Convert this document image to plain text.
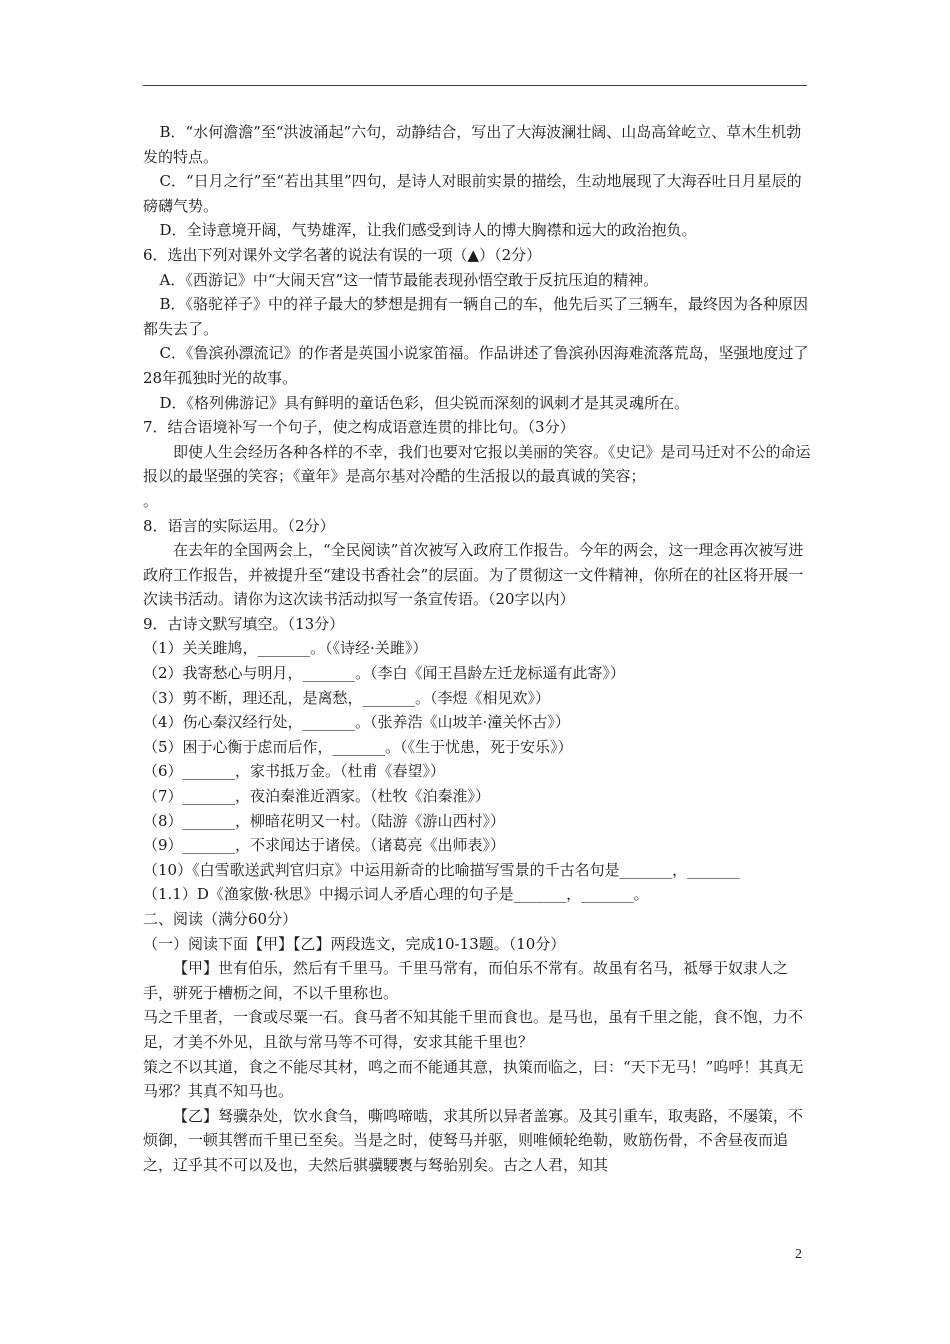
B．“水何澹澹”至“洪波涌起”六句，动静结合，写出了大海波澜壮阔、山岛高耸屹立、草木生机勃发的特点。

C．“日月之行”至“若出其里”四句，是诗人对眼前实景的描绘，生动地展现了大海吞吐日月星辰的磅礴气势。

D．全诗意境开阔，气势雄浑，让我们感受到诗人的博大胸襟和远大的政治抱负。

6．选出下列对课外文学名著的说法有误的一项（▲）（2分）

A．《西游记》中“大闹天宫”这一情节最能表现孙悟空敢于反抗压迫的精神。

B．《骆驼祥子》中的祥子最大的梦想是拥有一辆自己的车，他先后买了三辆车，最终因为各种原因都失去了。

C．《鲁滨孙漂流记》的作者是英国小说家笛福。作品讲述了鲁滨孙因海难流落荒岛，坚强地度过了28年孤独时光的故事。

D．《格列佛游记》具有鲜明的童话色彩，但尖锐而深刻的讽刺才是其灵魂所在。

7．结合语境补写一个句子，使之构成语意连贯的排比句。（3分）

即使人生会经历各种各样的不幸，我们也要对它报以美丽的笑容。《史记》是司马迁对不公的命运报以的最坚强的笑容；《童年》是高尔基对冷酷的生活报以的最真诚的笑容；

。

8．语言的实际运用。（2分）

在去年的全国两会上，“全民阅读”首次被写入政府工作报告。今年的两会，这一理念再次被写进政府工作报告，并被提升至“建设书香社会”的层面。为了贯彻这一文件精神，你所在的社区将开展一次读书活动。请你为这次读书活动拟写一条宣传语。（20字以内）

9．古诗文默写填空。（13分）

（1）关关雎鸠，_______。（《诗经·关雎》）

（2）我寄愁心与明月，_______。（李白《闻王昌龄左迁龙标遥有此寄》）

（3）剪不断，理还乱，是离愁，_______。（李煜《相见欢》）

（4）伤心秦汉经行处，_______。（张养浩《山坡羊·潼关怀古》）

（5）困于心衡于虑而后作，_______。（《生于忧患，死于安乐》）

（6）_______，家书抵万金。（杜甫《春望》）

（7）_______，夜泊秦淮近酒家。（杜牧《泊秦淮》）

（8）_______，柳暗花明又一村。（陆游《游山西村》）

（9）_______，不求闻达于诸侯。（诸葛亮《出师表》）

（10）《白雪歌送武判官归京》中运用新奇的比喻描写雪景的千古名句是_______，_______

（1.1）D《渔家傲·秋思》中揭示词人矛盾心理的句子是_______，_______。

二、阅读（满分60分）

（一）阅读下面【甲】【乙】两段选文，完成10-13题。（10分）

【甲】世有伯乐，然后有千里马。千里马常有，而伯乐不常有。故虽有名马，祗辱于奴隶人之手，骈死于槽枥之间，不以千里称也。

马之千里者，一食或尽粟一石。食马者不知其能千里而食也。是马也，虽有千里之能，食不饱，力不足，才美不外见，且欲与常马等不可得，安求其能千里也？

策之不以其道，食之不能尽其材，鸣之而不能通其意，执策而临之，曰：“天下无马！”呜呼！其真无马邪？其真不知马也。

【乙】驽骥杂处，饮水食刍，嘶鸣啼啮，求其所以异者盖寡。及其引重车，取夷路，不屡策，不烦御，一顿其辔而千里已至矣。当是之时，使驽马并驱，则唯倾轮绝勒，败筋伤骨，不舍昼夜而追之，辽乎其不可以及也，夫然后骐骥騕褭与驽骀别矣。古之人君，知其

2
